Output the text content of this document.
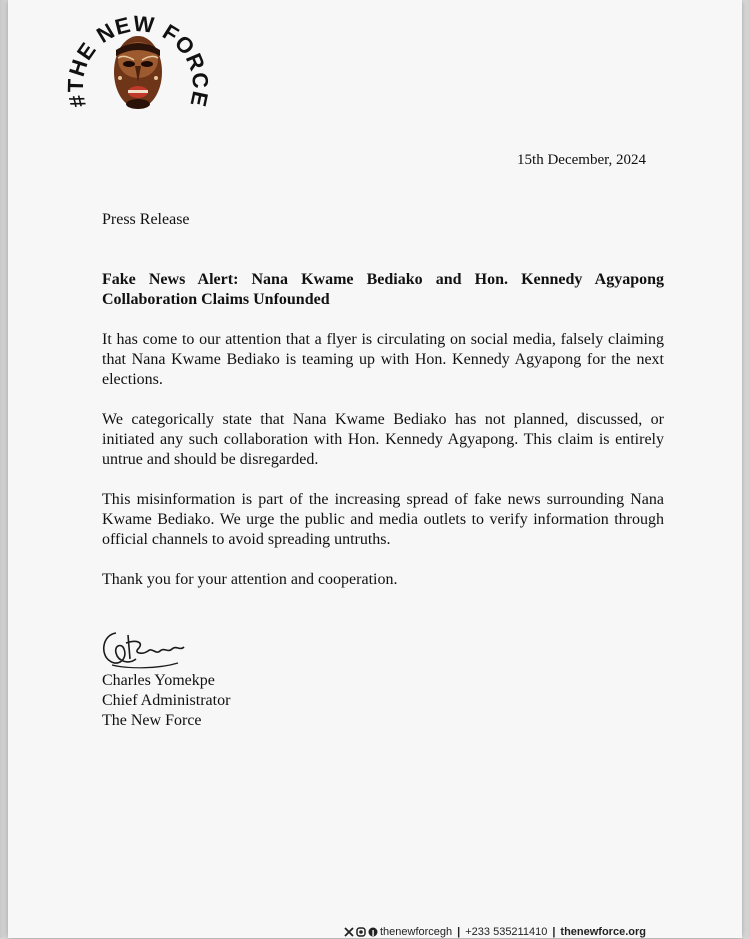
#THE NEW FORCE
15th December, 2024
Press Release
Fake News Alert: Nana Kwame Bediako and Hon. Kennedy Agyapong Collaboration Claims Unfounded
It has come to our attention that a flyer is circulating on social media, falsely claiming that Nana Kwame Bediako is teaming up with Hon. Kennedy Agyapong for the next elections.
We categorically state that Nana Kwame Bediako has not planned, discussed, or initiated any such collaboration with Hon. Kennedy Agyapong. This claim is entirely untrue and should be disregarded.
This misinformation is part of the increasing spread of fake news surrounding Nana Kwame Bediako. We urge the public and media outlets to verify information through official channels to avoid spreading untruths.
Thank you for your attention and cooperation.
Charles Yomekpe
Chief Administrator
The New Force
thenewforcegh | +233 535211410 | thenewforce.org
